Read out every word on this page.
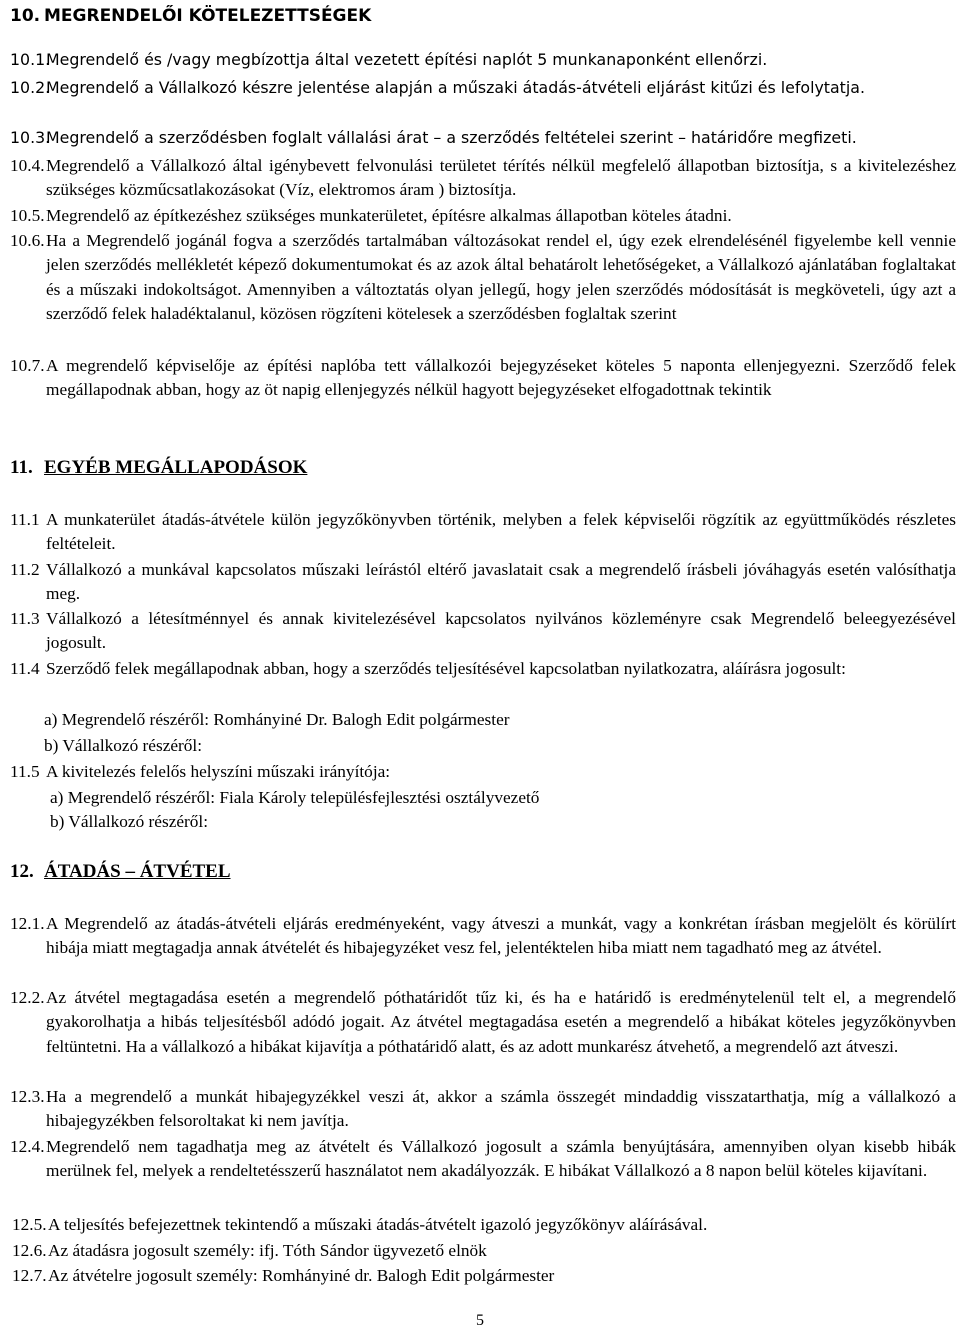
10. MEGRENDELŐI KÖTELEZETTSÉGEK
10.1.
Megrendelő és /vagy megbízottja által vezetett építési naplót 5 munkanaponként ellenőrzi.
10.2.
Megrendelő a Vállalkozó készre jelentése alapján a műszaki átadás-átvételi eljárást kitűzi és lefolytatja.
10.3.
Megrendelő a szerződésben foglalt vállalási árat – a szerződés feltételei szerint – határidőre megfizeti.
10.4. Megrendelő a Vállalkozó által igénybevett felvonulási területet térítés nélkül megfelelő állapotban biztosítja, s a kivitelezéshez szükséges közműcsatlakozásokat (Víz, elektromos áram ) biztosítja.
10.5. Megrendelő az építkezéshez szükséges munkaterületet, építésre alkalmas állapotban köteles átadni.
10.6. Ha a Megrendelő jogánál fogva a szerződés tartalmában változásokat rendel el, úgy ezek elrendelésénél figyelembe kell vennie jelen szerződés mellékletét képező dokumentumokat és az azok által behatárolt lehetőségeket, a Vállalkozó ajánlatában foglaltakat és a műszaki indokoltságot. Amennyiben a változtatás olyan jellegű, hogy jelen szerződés módosítását is megköveteli, úgy azt a szerződő felek haladéktalanul, közösen rögzíteni kötelesek a szerződésben foglaltak szerint
10.7. A megrendelő képviselője az építési naplóba tett vállalkozói bejegyzéseket köteles 5 naponta ellenjegyezni. Szerződő felek megállapodnak abban, hogy az öt napig ellenjegyzés nélkül hagyott bejegyzéseket elfogadottnak tekintik
11. EGYÉB MEGÁLLAPODÁSOK
11.1 A munkaterület átadás-átvétele külön jegyzőkönyvben történik, melyben a felek képviselői rögzítik az együttműködés részletes feltételeit.
11.2 Vállalkozó a munkával kapcsolatos műszaki leírástól eltérő javaslatait csak a megrendelő írásbeli jóváhagyás esetén valósíthatja meg.
11.3 Vállalkozó a létesítménnyel és annak kivitelezésével kapcsolatos nyilvános közleményre csak Megrendelő beleegyezésével jogosult.
11.4 Szerződő felek megállapodnak abban, hogy a szerződés teljesítésével kapcsolatban nyilatkozatra, aláírásra jogosult:
a) Megrendelő részéről: Romhányiné Dr. Balogh Edit polgármester
b) Vállalkozó részéről:
11.5 A kivitelezés felelős helyszíni műszaki irányítója:
a) Megrendelő részéről: Fiala Károly településfejlesztési osztályvezető
b) Vállalkozó részéről:
12. ÁTADÁS – ÁTVÉTEL
12.1. A Megrendelő az átadás-átvételi eljárás eredményeként, vagy átveszi a munkát, vagy a konkrétan írásban megjelölt és körülírt hibája miatt megtagadja annak átvételét és hibajegyzéket vesz fel, jelentéktelen hiba miatt nem tagadható meg az átvétel.
12.2. Az átvétel megtagadása esetén a megrendelő póthatáridőt tűz ki, és ha e határidő is eredménytelenül telt el, a megrendelő gyakorolhatja a hibás teljesítésből adódó jogait. Az átvétel megtagadása esetén a megrendelő a hibákat köteles jegyzőkönyvben feltüntetni. Ha a vállalkozó a hibákat kijavítja a póthatáridő alatt, és az adott munkarész átvehető, a megrendelő azt átveszi.
12.3. Ha a megrendelő a munkát hibajegyzékkel veszi át, akkor a számla összegét mindaddig visszatarthatja, míg a vállalkozó a hibajegyzékben felsoroltakat ki nem javítja.
12.4. Megrendelő nem tagadhatja meg az átvételt és Vállalkozó jogosult a számla benyújtására, amennyiben olyan kisebb hibák merülnek fel, melyek a rendeltetésszerű használatot nem akadályozzák. E hibákat Vállalkozó a 8 napon belül köteles kijavítani.
12.5. A teljesítés befejezettnek tekintendő a műszaki átadás-átvételt igazoló jegyzőkönyv aláírásával.
12.6. Az átadásra jogosult személy: ifj. Tóth Sándor ügyvezető elnök
12.7. Az átvételre jogosult személy: Romhányiné dr. Balogh Edit polgármester
5
